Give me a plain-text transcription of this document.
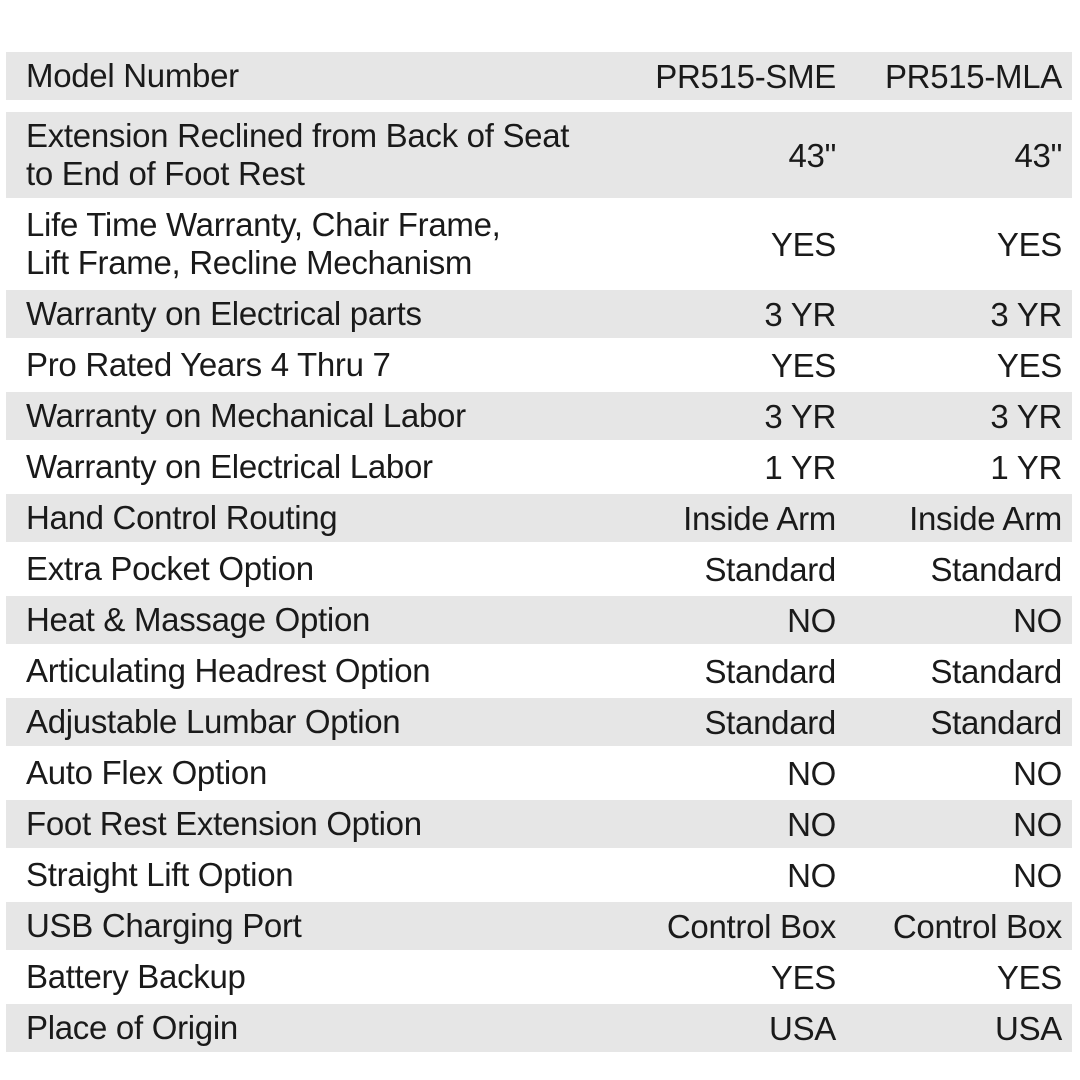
Model Number	PR515-SME	PR515-MLA
Extension Reclined from Back of Seat
to End of Foot Rest	43"	43"
Life Time Warranty, Chair Frame,
Lift Frame, Recline Mechanism	YES	YES
Warranty on Electrical parts	3 YR	3 YR
Pro Rated Years 4 Thru 7	YES	YES
Warranty on Mechanical Labor	3 YR	3 YR
Warranty on Electrical Labor	1 YR	1 YR
Hand Control Routing	Inside Arm	Inside Arm
Extra Pocket Option	Standard	Standard
Heat & Massage Option	NO	NO
Articulating Headrest Option	Standard	Standard
Adjustable Lumbar Option	Standard	Standard
Auto Flex Option	NO	NO
Foot Rest Extension Option	NO	NO
Straight Lift Option	NO	NO
USB Charging Port	Control Box	Control Box
Battery Backup	YES	YES
Place of Origin	USA	USA
